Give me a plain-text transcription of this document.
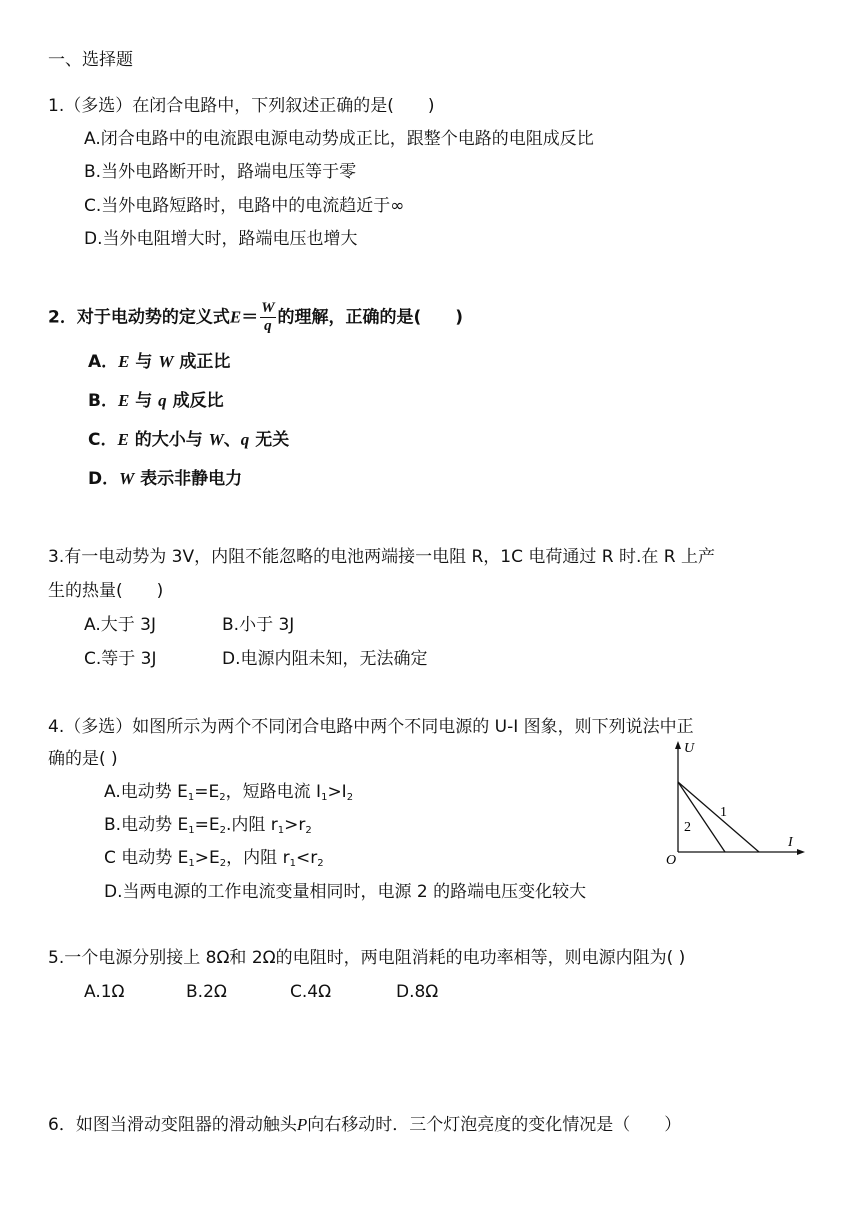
一、选择题
1.（多选）在闭合电路中，下列叙述正确的是(　　)
A.闭合电路中的电流跟电源电动势成正比，跟整个电路的电阻成反比
B.当外电路断开时，路端电压等于零
C.当外电路短路时，电路中的电流趋近于∞
D.当外电阻增大时，路端电压也增大
2．对于电动势的定义式$E= \frac{W}{q}$ 的理解，正确的是(　　)
A．E 与 W 成正比
B．E 与 q 成反比
C．E 的大小与 W、q 无关
D．W 表示非静电力
3.有一电动势为 3V，内阻不能忽略的电池两端接一电阻 R，1C 电荷通过 R 时.在 R 上产
生的热量(　　)
A.大于 3J	B.小于 3J
C.等于 3J	D.电源内阻未知，无法确定
4.（多选）如图所示为两个不同闭合电路中两个不同电源的 U-I 图象，则下列说法中正
确的是( )
A.电动势 $E_1=E_2$，短路电流 $I_1>I_2$
B.电动势 $E_1=E_2$.内阻 $r_1>r_2$
C 电动势 $E_1>E_2$，内阻 $r_1<r_2$
D.当两电源的工作电流变量相同时，电源 2 的路端电压变化较大
U
I
O
1
2
5.一个电源分别接上 8Ω和 2Ω的电阻时，两电阻消耗的电功率相等，则电源内阻为( )
A.1Ω	B.2Ω	C.4Ω	D.8Ω
6．如图当滑动变阻器的滑动触头P向右移动时．三个灯泡亮度的变化情况是（　　）
